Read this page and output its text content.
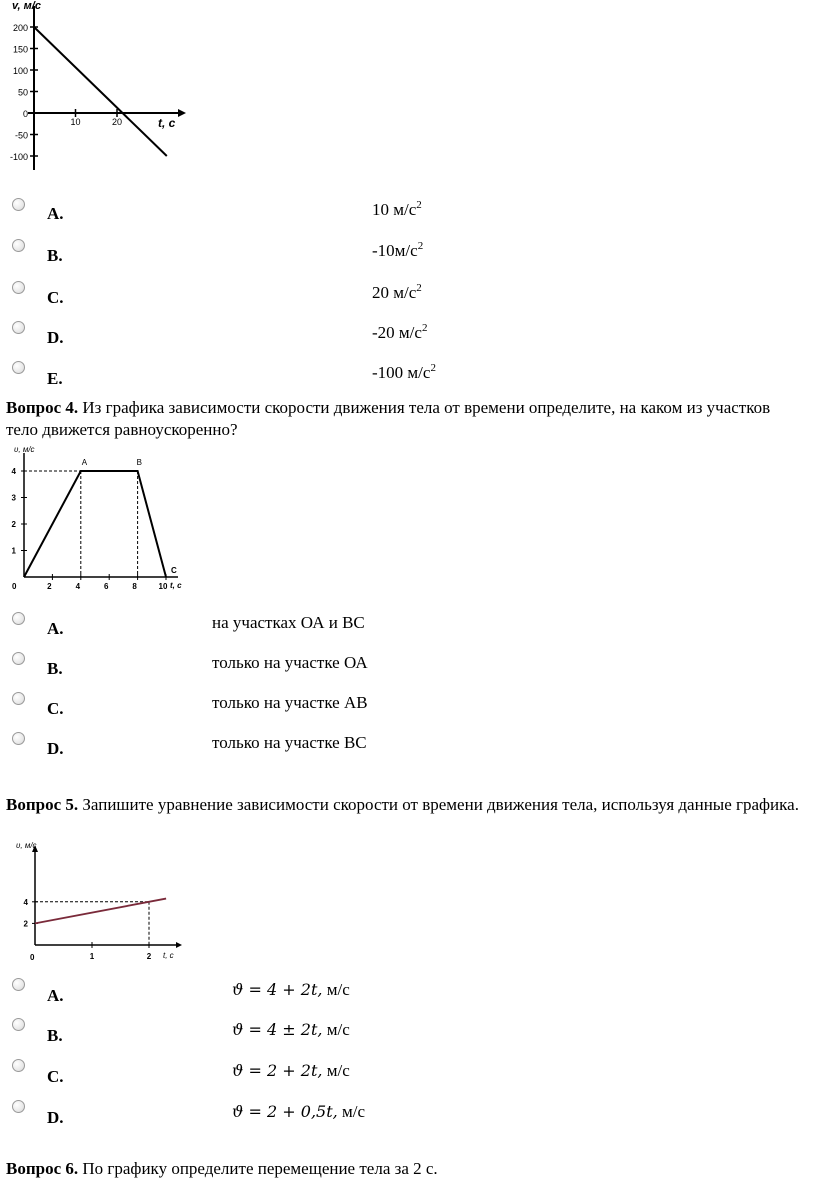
200
150
100
50
0
-50
-100
10	20
v, м/с
t, c
A.	10 $м/с^2$
B.	$-10м/с^2$
C.	20 $м/с^2$
D.	-20 $м/с^2$
E.	-100 $м/с^2$
Вопрос 4. Из графика зависимости скорости движения тела от времени определите, на каком из участков тело движется равноускоренно?
1
2
3
4
2	4	6	8	10
υ, м/с
t, c
0
A	B
C
A.	на участках ОА и ВС
B.	только на участке ОА
C.	только на участке АВ
D.	только на участке ВС
Вопрос 5. Запишите уравнение зависимости скорости от времени движения тела, используя данные графика.
2
4
1	2
υ, м/с
t, c
0
A.	ϑ = 4 + 2t, м/с
B.	ϑ = 4 ± 2t, м/с
C.	ϑ = 2 + 2t, м/с
D.	ϑ = 2 + 0,5t, м/с
Вопрос 6. По графику определите перемещение тела за 2 с.
